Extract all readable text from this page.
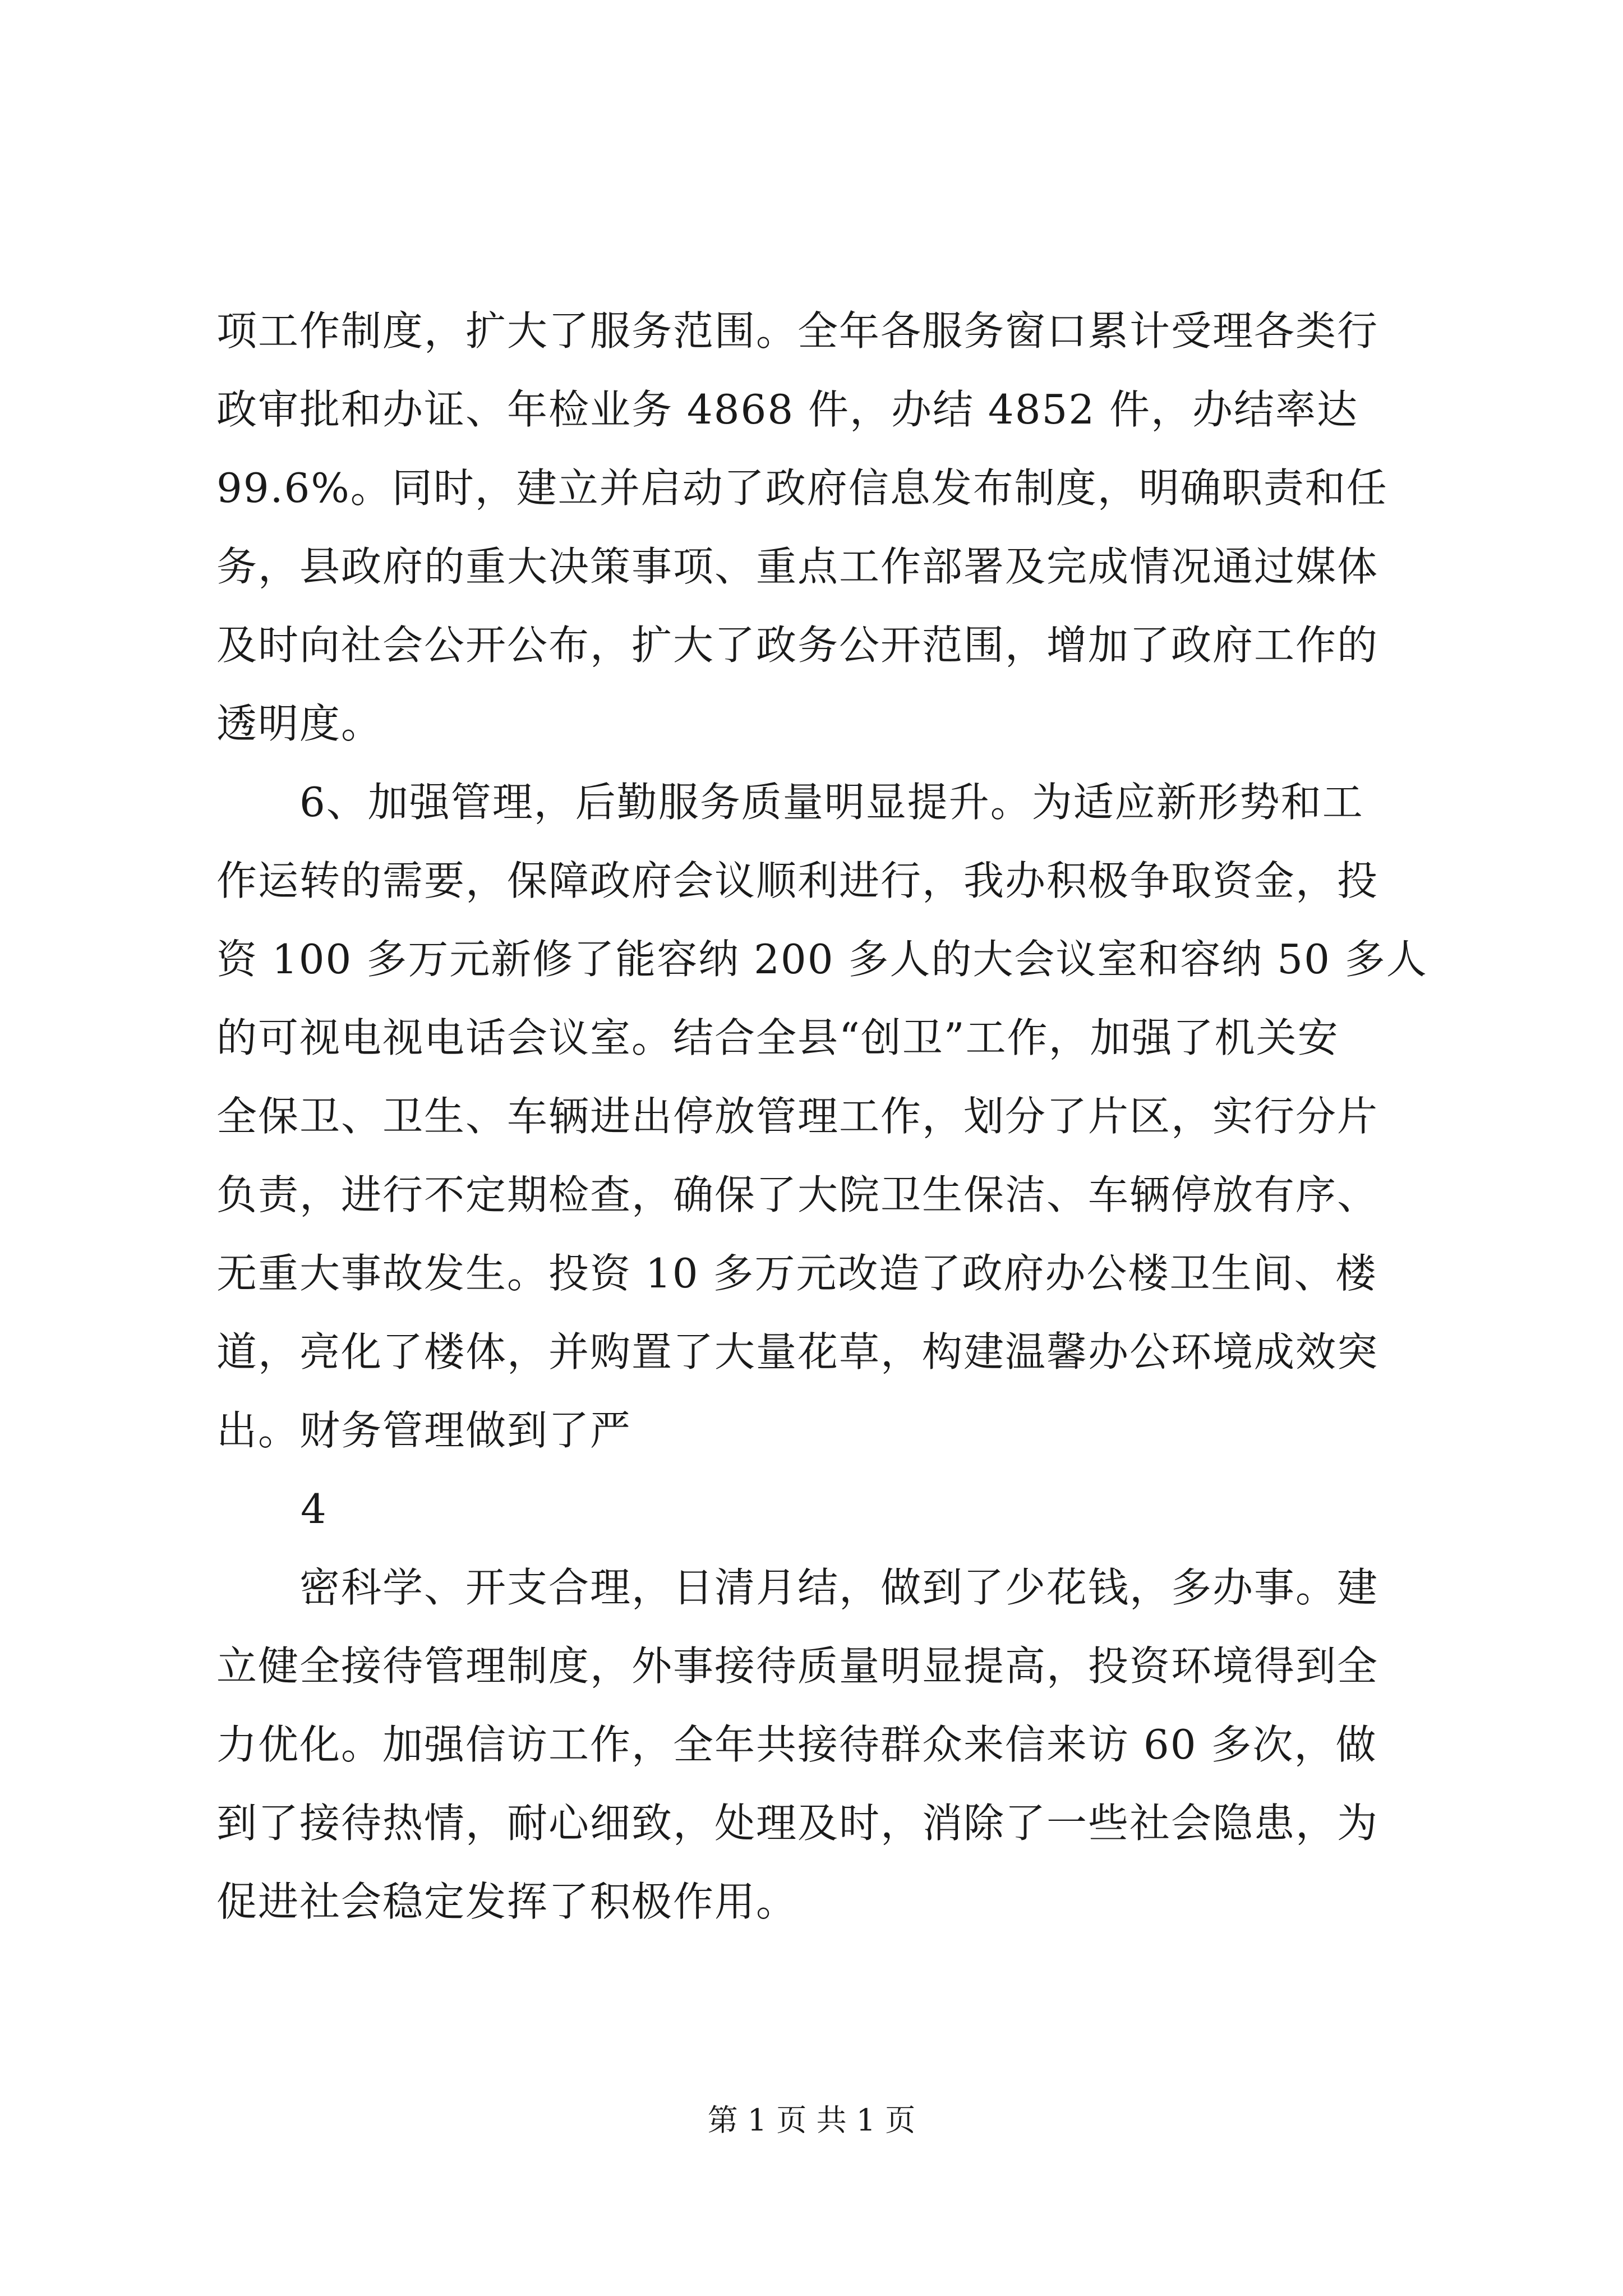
项工作制度，扩大了服务范围。全年各服务窗口累计受理各类行
政审批和办证、年检业务 4868 件，办结 4852 件，办结率达
99.6%。同时，建立并启动了政府信息发布制度，明确职责和任
务，县政府的重大决策事项、重点工作部署及完成情况通过媒体
及时向社会公开公布，扩大了政务公开范围，增加了政府工作的
透明度。
6、加强管理，后勤服务质量明显提升。为适应新形势和工
作运转的需要，保障政府会议顺利进行，我办积极争取资金，投
资 100 多万元新修了能容纳 200 多人的大会议室和容纳 50 多人
的可视电视电话会议室。结合全县“创卫”工作，加强了机关安
全保卫、卫生、车辆进出停放管理工作，划分了片区，实行分片
负责，进行不定期检查，确保了大院卫生保洁、车辆停放有序、
无重大事故发生。投资 10 多万元改造了政府办公楼卫生间、楼
道，亮化了楼体，并购置了大量花草，构建温馨办公环境成效突
出。财务管理做到了严
4
密科学、开支合理，日清月结，做到了少花钱，多办事。建
立健全接待管理制度，外事接待质量明显提高，投资环境得到全
力优化。加强信访工作，全年共接待群众来信来访 60 多次，做
到了接待热情，耐心细致，处理及时，消除了一些社会隐患，为
促进社会稳定发挥了积极作用。
第 1 页 共 1 页
